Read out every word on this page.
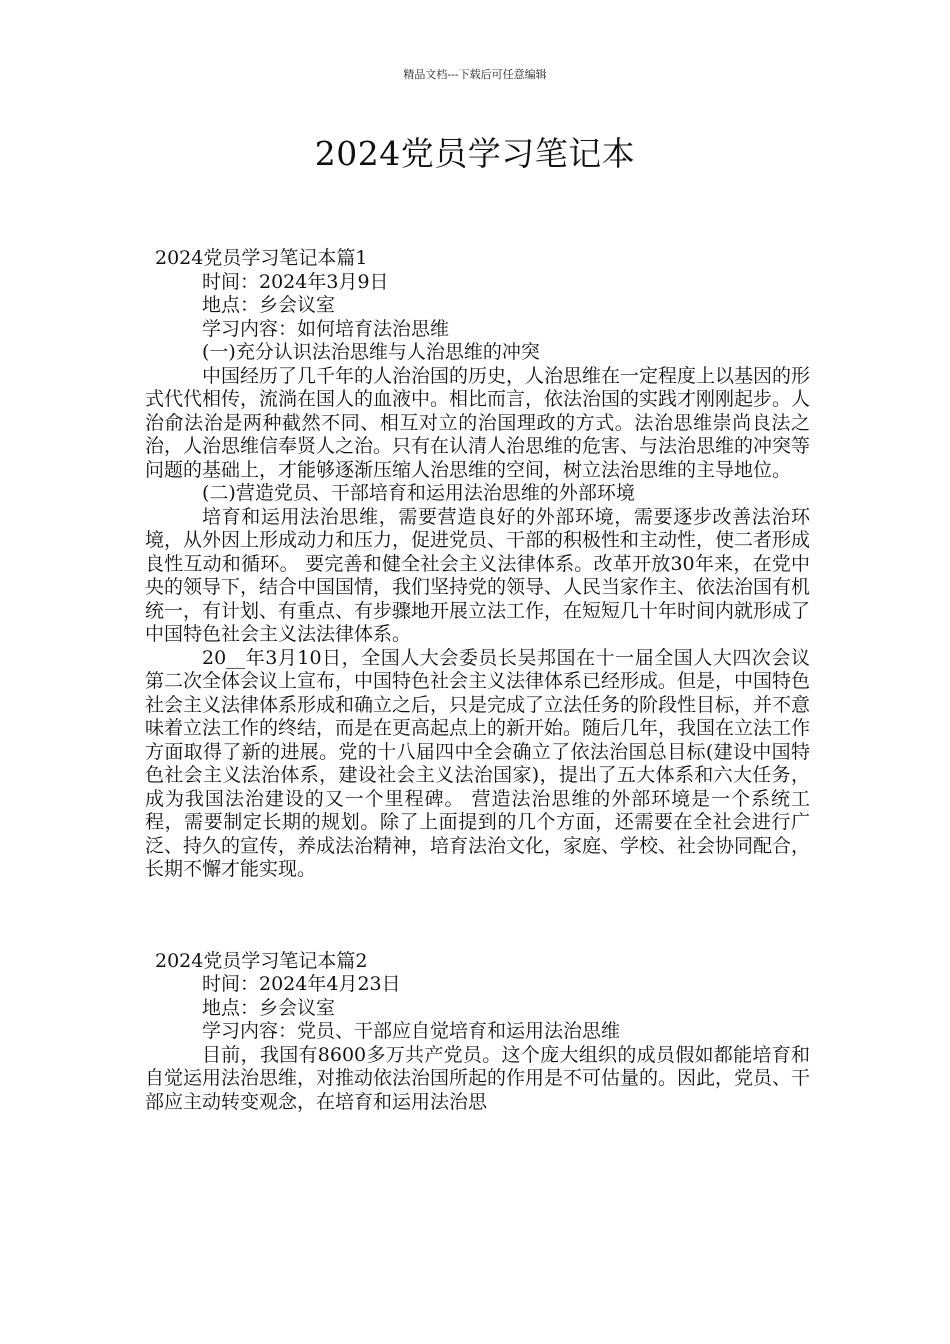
精品文档---下载后可任意编辑
2024党员学习笔记本

2024党员学习笔记本篇1

时间：2024年3月9日

地点：乡会议室

学习内容：如何培育法治思维

(一)充分认识法治思维与人治思维的冲突

中国经历了几千年的人治治国的历史，人治思维在一定程度上以基因的形式代代相传，流淌在国人的血液中。相比而言，依法治国的实践才刚刚起步。人治俞法治是两种截然不同、相互对立的治国理政的方式。法治思维崇尚良法之治，人治思维信奉贤人之治。只有在认清人治思维的危害、与法治思维的冲突等问题的基础上，才能够逐渐压缩人治思维的空间，树立法治思维的主导地位。

(二)营造党员、干部培育和运用法治思维的外部环境

培育和运用法治思维，需要营造良好的外部环境，需要逐步改善法治环境，从外因上形成动力和压力，促进党员、干部的积极性和主动性，使二者形成良性互动和循环。 要完善和健全社会主义法律体系。改革开放30年来，在党中央的领导下，结合中国国情，我们坚持党的领导、人民当家作主、依法治国有机统一，有计划、有重点、有步骤地开展立法工作，在短短几十年时间内就形成了中国特色社会主义法法律体系。

20__年3月10日，全国人大会委员长吴邦国在十一届全国人大四次会议第二次全体会议上宣布，中国特色社会主义法律体系已经形成。但是，中国特色社会主义法律体系形成和确立之后，只是完成了立法任务的阶段性目标，并不意味着立法工作的终结，而是在更高起点上的新开始。随后几年，我国在立法工作方面取得了新的进展。党的十八届四中全会确立了依法治国总目标(建设中国特色社会主义法治体系，建设社会主义法治国家)，提出了五大体系和六大任务，成为我国法治建设的又一个里程碑。 营造法治思维的外部环境是一个系统工程，需要制定长期的规划。除了上面提到的几个方面，还需要在全社会进行广泛、持久的宣传，养成法治精神，培育法治文化，家庭、学校、社会协同配合，长期不懈才能实现。

2024党员学习笔记本篇2

时间：2024年4月23日

地点：乡会议室

学习内容：党员、干部应自觉培育和运用法治思维

目前，我国有8600多万共产党员。这个庞大组织的成员假如都能培育和自觉运用法治思维，对推动依法治国所起的作用是不可估量的。因此，党员、干部应主动转变观念，在培育和运用法治思
